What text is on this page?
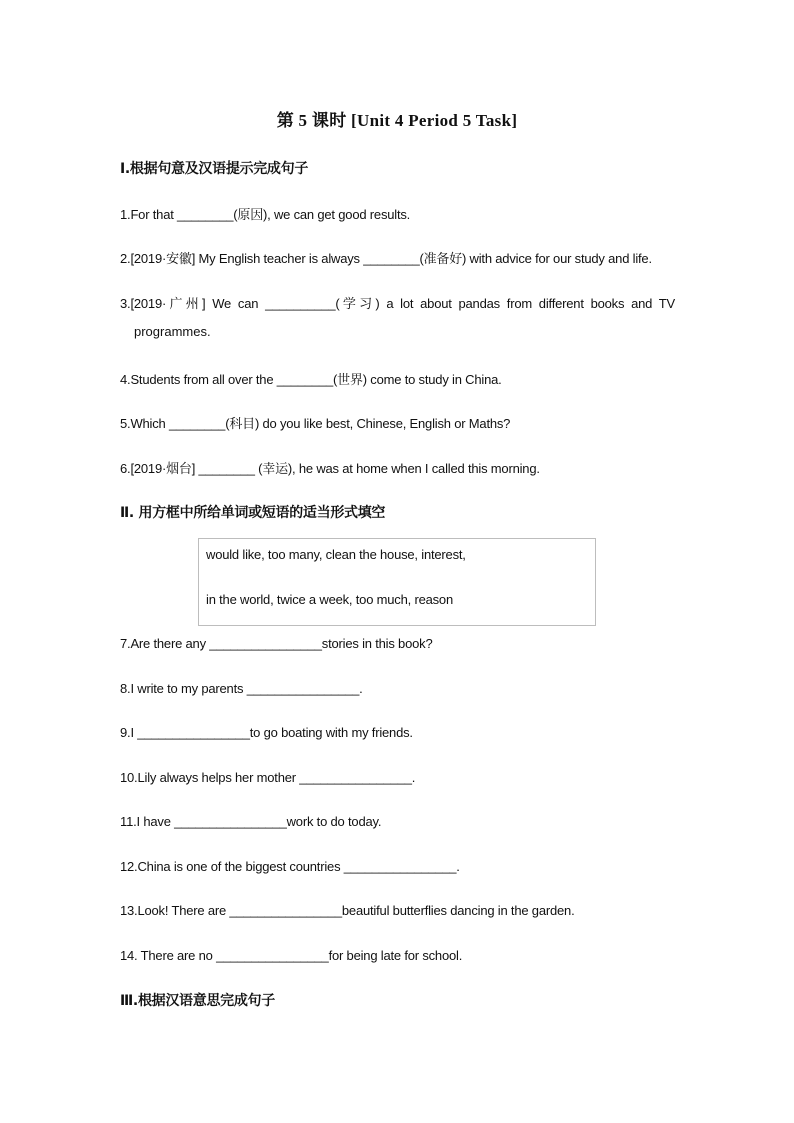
第 5 课时 [Unit 4 Period 5 Task]
Ⅰ.根据句意及汉语提示完成句子
1.For that ________(原因), we can get good results.
2.[2019·安徽] My English teacher is always ________(准备好) with advice for our study and life.
3.[2019·广州] We can __________(学习) a lot about pandas from different books and TV
programmes.
4.Students from all over the ________(世界) come to study in China.
5.Which ________(科目) do you like best, Chinese, English or Maths?
6.[2019·烟台] ________ (幸运), he was at home when I called this morning.
Ⅱ. 用方框中所给单词或短语的适当形式填空
would like, too many, clean the house, interest,
in the world, twice a week, too much, reason
7.Are there any ________________stories in this book?
8.I write to my parents ________________.
9.I ________________to go boating with my friends.
10.Lily always helps her mother ________________.
11.I have ________________work to do today.
12.China is one of the biggest countries ________________.
13.Look! There are ________________beautiful butterflies dancing in the garden.
14. There are no ________________for being late for school.
Ⅲ.根据汉语意思完成句子
